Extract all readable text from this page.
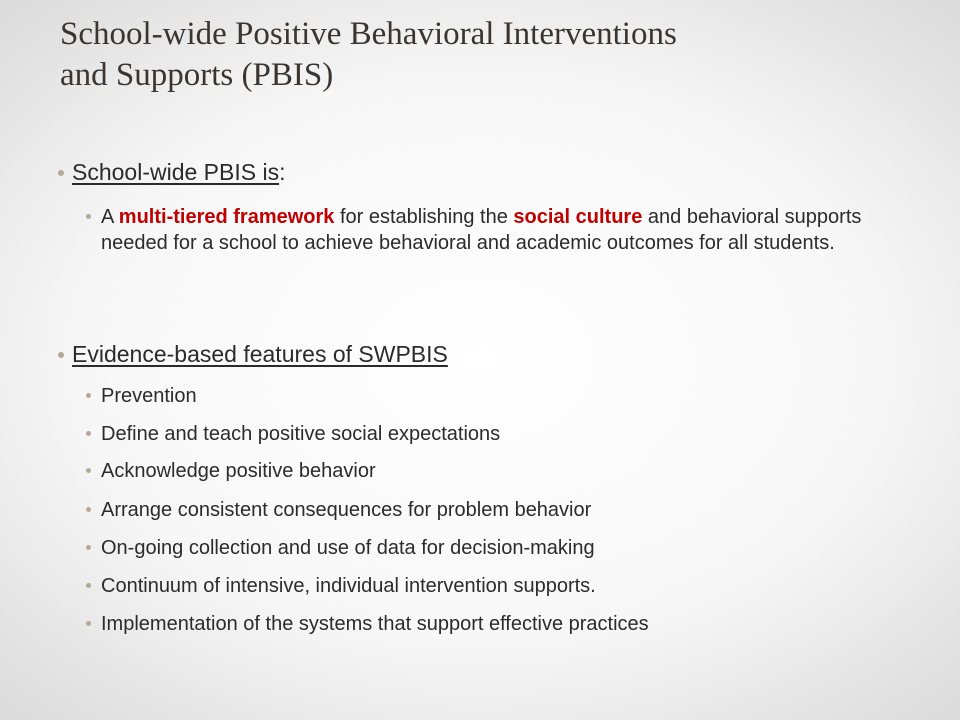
School-wide Positive Behavioral Interventions
and Supports (PBIS)

School-wide PBIS is:

A multi-tiered framework for establishing the social culture and behavioral supports needed for a school to achieve behavioral and academic outcomes for all students.

Evidence-based features of SWPBIS

Prevention

Define and teach positive social expectations

Acknowledge positive behavior

Arrange consistent consequences for problem behavior

On-going collection and use of data for decision-making

Continuum of intensive, individual intervention supports.

Implementation of the systems that support effective practices
